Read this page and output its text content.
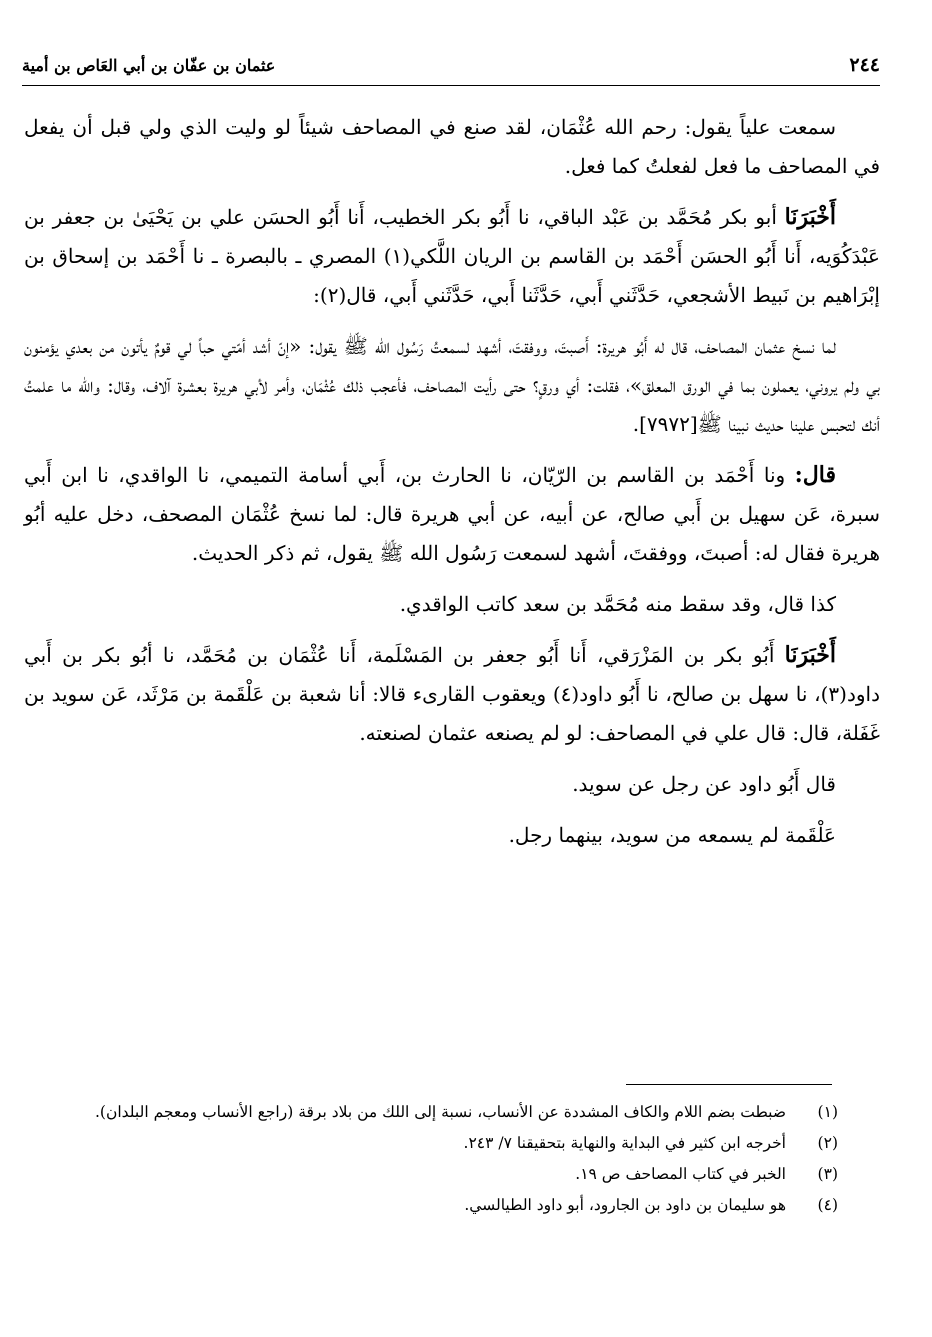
٢٤٤
عثمان بن عفّان بن أبي العَاص بن أمية

سمعت علياً يقول: رحم الله عُثْمَان، لقد صنع في المصاحف شيئاً لو وليت الذي ولي قبل أن يفعل في المصاحف ما فعل لفعلتُ كما فعل.

أَخْبَرَنَا أبو بكر مُحَمَّد بن عَبْد الباقي، نا أَبُو بكر الخطيب، أَنا أَبُو الحسَن علي بن يَحْيَىٰ بن جعفر بن عَبْدَكُوَيه، أَنا أَبُو الحسَن أَحْمَد بن القاسم بن الريان اللَّكي(١) المصري ـ بالبصرة ـ نا أَحْمَد بن إسحاق بن إبْرَاهيم بن نَبيط الأشجعي، حَدَّثَني أَبي، حَدَّثَنا أَبي، حَدَّثَني أَبي، قال(٢):

لما نسخ عثمان المصاحف، قال له أَبُو هريرة: أَصبتَ، ووفقتَ، أشهد لسمعتُ رَسُول الله ﷺ يقول: «إنّ أشد أمّتي حباً لي قومٌ يأتون من بعدي يؤمنون بي ولم يروني، يعملون بما في الورق المعلق»، فقلت: أي ورقٍ؟ حتى رأيت المصاحف، فأعجب ذلك عُثْمَان، وأمر لأبي هريرة بعشرة آلاف، وقال: والله ما علمتُ أنك لتحبس علينا حديث نبينا ﷺ[٧٩٧٢].

قال: ونا أَحْمَد بن القاسم بن الرّيّان، نا الحارث بن، أَبي أسامة التميمي، نا الواقدي، نا ابن أَبي سبرة، عَن سهيل بن أَبي صالح، عن أبيه، عن أبي هريرة قال: لما نسخ عُثْمَان المصحف، دخل عليه أبُو هريرة فقال له: أصبتَ، ووفقتَ، أشهد لسمعت رَسُول الله ﷺ يقول، ثم ذكر الحديث.

كذا قال، وقد سقط منه مُحَمَّد بن سعد كاتب الواقدي.

أَخْبَرَنَا أَبُو بكر بن المَزْرَقي، أَنا أَبُو جعفر بن المَسْلَمة، أَنا عُثْمَان بن مُحَمَّد، نا أبُو بكر بن أَبي داود(٣)، نا سهل بن صالح، نا أَبُو داود(٤) ويعقوب القارىء قالا: أنا شعبة بن عَلْقَمة بن مَرْثَد، عَن سويد بن غَفَلة، قال: قال علي في المصاحف: لو لم يصنعه عثمان لصنعته.

قال أَبُو داود عن رجل عن سويد.

عَلْقَمة لم يسمعه من سويد، بينهما رجل.

(١)
ضبطت بضم اللام والكاف المشددة عن الأنساب، نسبة إلى اللك من بلاد برقة (راجع الأنساب ومعجم البلدان).

(٢)
أخرجه ابن كثير في البداية والنهاية بتحقيقنا ٧/ ٢٤٣.

(٣)
الخبر في كتاب المصاحف ص ١٩.

(٤)
هو سليمان بن داود بن الجارود، أبو داود الطيالسي.
